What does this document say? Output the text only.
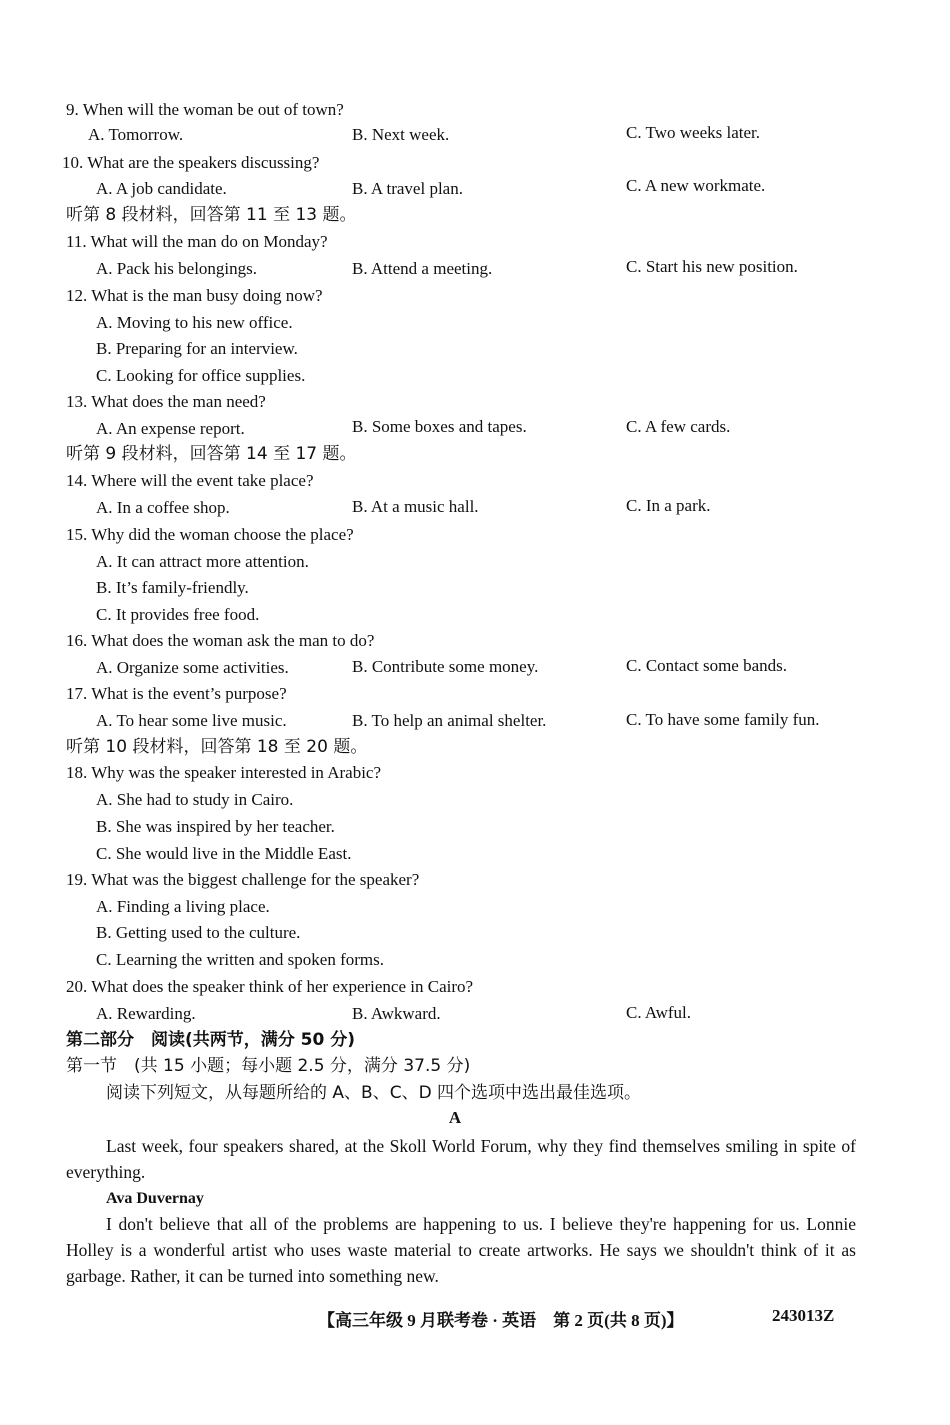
9. When will the woman be out of town?
A. Tomorrow.	B. Next week.	C. Two weeks later.
10. What are the speakers discussing?
A. A job candidate.	B. A travel plan.	C. A new workmate.
听第 8 段材料，回答第 11 至 13 题。
11. What will the man do on Monday?
A. Pack his belongings.	B. Attend a meeting.	C. Start his new position.
12. What is the man busy doing now?
A. Moving to his new office.
B. Preparing for an interview.
C. Looking for office supplies.
13. What does the man need?
A. An expense report.	B. Some boxes and tapes.	C. A few cards.
听第 9 段材料，回答第 14 至 17 题。
14. Where will the event take place?
A. In a coffee shop.	B. At a music hall.	C. In a park.
15. Why did the woman choose the place?
A. It can attract more attention.
B. It’s family-friendly.
C. It provides free food.
16. What does the woman ask the man to do?
A. Organize some activities.	B. Contribute some money.	C. Contact some bands.
17. What is the event’s purpose?
A. To hear some live music.	B. To help an animal shelter.	C. To have some family fun.
听第 10 段材料，回答第 18 至 20 题。
18. Why was the speaker interested in Arabic?
A. She had to study in Cairo.
B. She was inspired by her teacher.
C. She would live in the Middle East.
19. What was the biggest challenge for the speaker?
A. Finding a living place.
B. Getting used to the culture.
C. Learning the written and spoken forms.
20. What does the speaker think of her experience in Cairo?
A. Rewarding.	B. Awkward.	C. Awful.
第二部分　阅读(共两节，满分 50 分)
第一节　(共 15 小题；每小题 2.5 分，满分 37.5 分)
阅读下列短文，从每题所给的 A、B、C、D 四个选项中选出最佳选项。
A
Last week, four speakers shared, at the Skoll World Forum, why they find themselves smiling in spite of everything.
Ava Duvernay
I don't believe that all of the problems are happening to us. I believe they're happening for us. Lonnie Holley is a wonderful artist who uses waste material to create artworks. He says we shouldn't think of it as garbage. Rather, it can be turned into something new.
【高三年级 9 月联考卷 · 英语　第 2 页(共 8 页)】	243013Z
